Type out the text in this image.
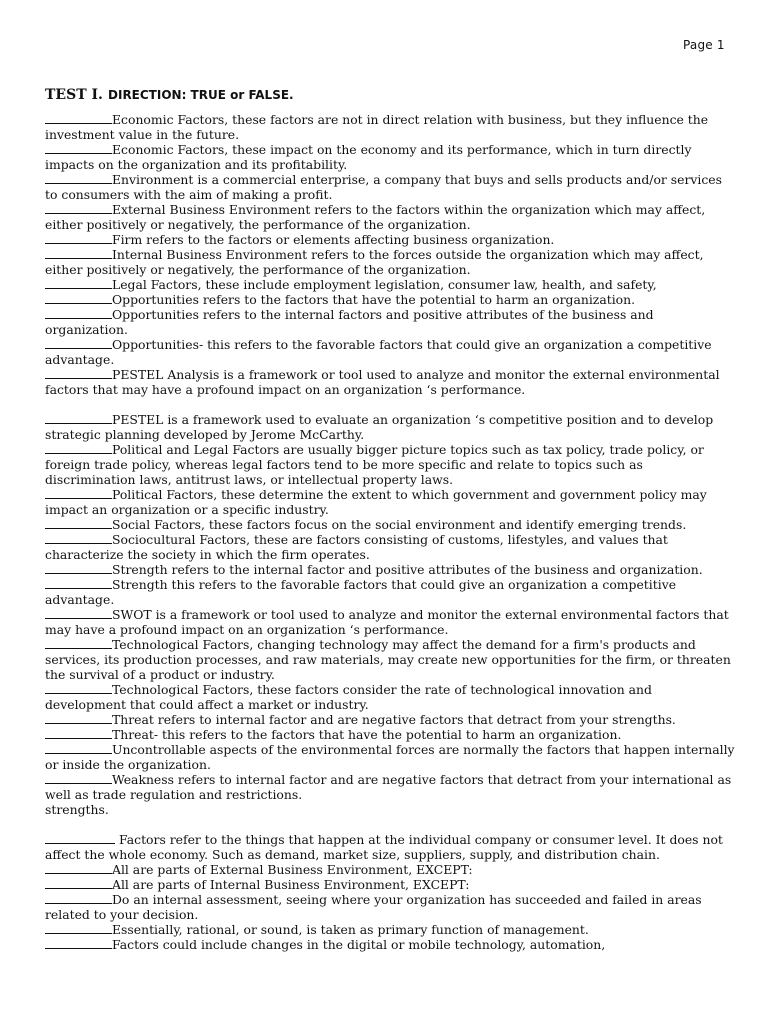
Page 1
TEST I. DIRECTION: TRUE or FALSE.

Economic Factors, these factors are not in direct relation with business, but they influence the investment value in the future.

Economic Factors, these impact on the economy and its performance, which in turn directly impacts on the organization and its profitability.

Environment is a commercial enterprise, a company that buys and sells products and/or services to consumers with the aim of making a profit.

External Business Environment refers to the factors within the organization which may affect, either positively or negatively, the performance of the organization.

Firm refers to the factors or elements affecting business organization.

Internal Business Environment refers to the forces outside the organization which may affect, either positively or negatively, the performance of the organization.

Legal Factors, these include employment legislation, consumer law, health, and safety,

Opportunities refers to the factors that have the potential to harm an organization.

Opportunities refers to the internal factors and positive attributes of the business and organization.

Opportunities- this refers to the favorable factors that could give an organization a competitive advantage.

PESTEL Analysis is a framework or tool used to analyze and monitor the external environmental factors that may have a profound impact on an organization ‘s performance.

PESTEL is a framework used to evaluate an organization ‘s competitive position and to develop strategic planning developed by Jerome McCarthy.

Political and Legal Factors are usually bigger picture topics such as tax policy, trade policy, or foreign trade policy, whereas legal factors tend to be more specific and relate to topics such as discrimination laws, antitrust laws, or intellectual property laws.

Political Factors, these determine the extent to which government and government policy may impact an organization or a specific industry.

Social Factors, these factors focus on the social environment and identify emerging trends.

Sociocultural Factors, these are factors consisting of customs, lifestyles, and values that characterize the society in which the firm operates.

Strength refers to the internal factor and positive attributes of the business and organization.

Strength this refers to the favorable factors that could give an organization a competitive advantage.

SWOT is a framework or tool used to analyze and monitor the external environmental factors that may have a profound impact on an organization ‘s performance.

Technological Factors, changing technology may affect the demand for a firm's products and services, its production processes, and raw materials, may create new opportunities for the firm, or threaten the survival of a product or industry.

Technological Factors, these factors consider the rate of technological innovation and development that could affect a market or industry.

Threat refers to internal factor and are negative factors that detract from your strengths.

Threat- this refers to the factors that have the potential to harm an organization.

Uncontrollable aspects of the environmental forces are normally the factors that happen internally or inside the organization.

Weakness refers to internal factor and are negative factors that detract from your international as well as trade regulation and restrictions.

strengths.

Factors refer to the things that happen at the individual company or consumer level. It does not affect the whole economy. Such as demand, market size, suppliers, supply, and distribution chain.

All are parts of External Business Environment, EXCEPT:

All are parts of Internal Business Environment, EXCEPT:

Do an internal assessment, seeing where your organization has succeeded and failed in areas related to your decision.

Essentially, rational, or sound, is taken as primary function of management.

Factors could include changes in the digital or mobile technology, automation,
